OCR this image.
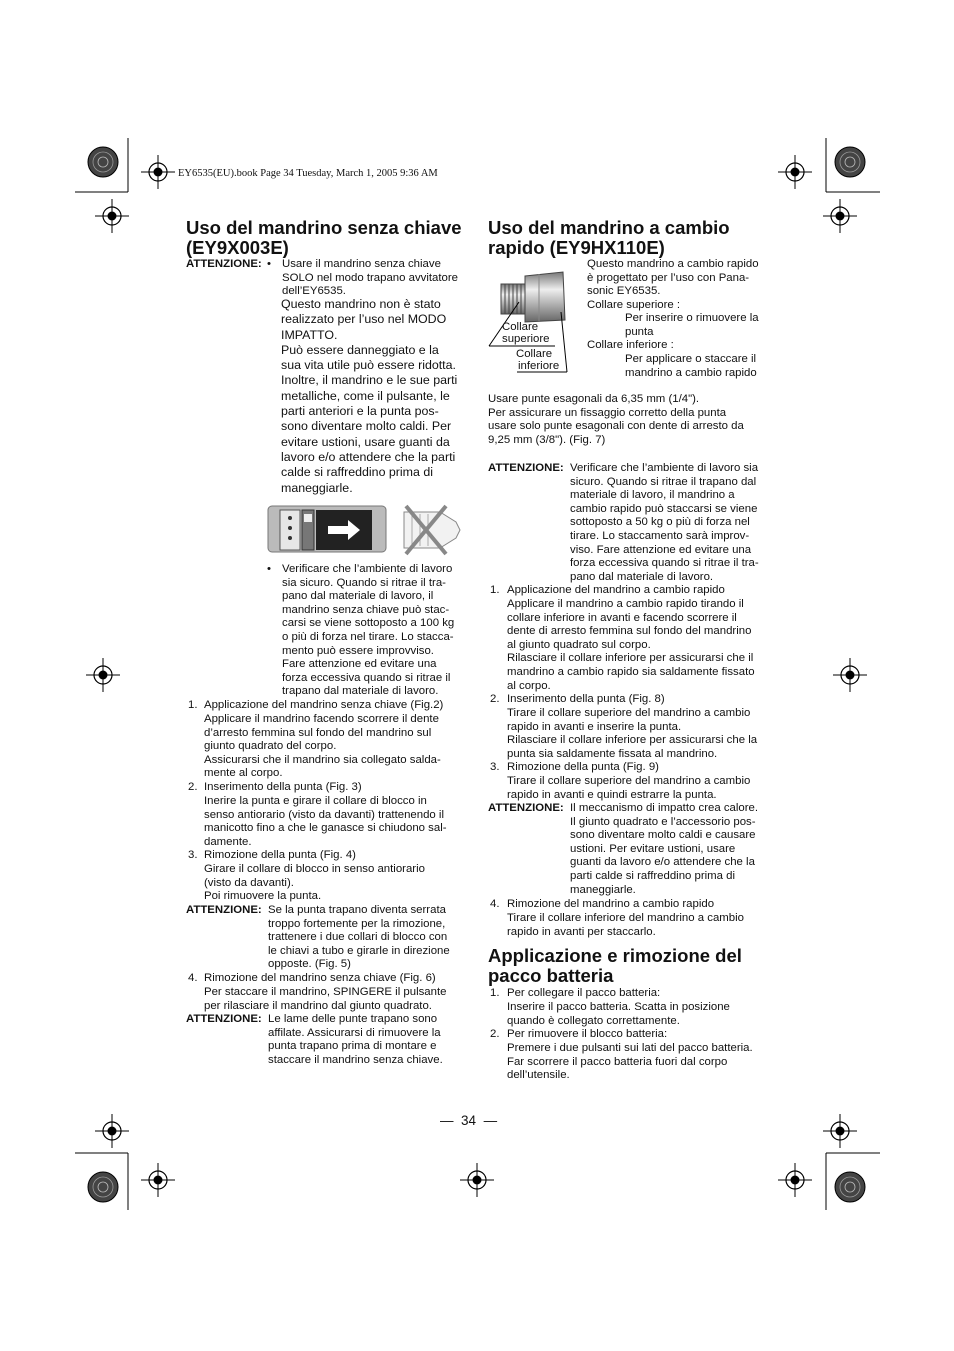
EY6535(EU).book Page 34 Tuesday, March 1, 2005 9:36 AM
Uso del mandrino senza chiave
(EY9X003E)
ATTENZIONE: • Usare il mandrino senza chiave
SOLO nel modo trapano avvitatore
dell’EY6535.
Questo mandrino non è stato
realizzato per l’uso nel MODO
IMPATTO.
Può essere danneggiato e la
sua vita utile può essere ridotta.
Inoltre, il mandrino e le sue parti
metalliche, come il pulsante, le
parti anteriori e la punta pos-
sono diventare molto caldi. Per
evitare ustioni, usare guanti da
lavoro e/o attendere che la parti
calde si raffreddino prima di
maneggiarle.
• Verificare che l’ambiente di lavoro
sia sicuro. Quando si ritrae il tra-
pano dal materiale di lavoro, il
mandrino senza chiave può stac-
carsi se viene sottoposto a 100 kg
o più di forza nel tirare. Lo stacca-
mento può essere improvviso.
Fare attenzione ed evitare una
forza eccessiva quando si ritrae il
trapano dal materiale di lavoro.
1. Applicazione del mandrino senza chiave (Fig.2)
Applicare il mandrino facendo scorrere il dente
d’arresto femmina sul fondo del mandrino sul
giunto quadrato del corpo.
Assicurarsi che il mandrino sia collegato salda-
mente al corpo.
2. Inserimento della punta (Fig. 3)
Inerire la punta e girare il collare di blocco in
senso antiorario (visto da davanti) trattenendo il
manicotto fino a che le ganasce si chiudono sal-
damente.
3. Rimozione della punta (Fig. 4)
Girare il collare di blocco in senso antiorario
(visto da davanti).
Poi rimuovere la punta.
ATTENZIONE: Se la punta trapano diventa serrata
troppo fortemente per la rimozione,
trattenere i due collari di blocco con
le chiavi a tubo e girarle in direzione
opposte. (Fig. 5)
4. Rimozione del mandrino senza chiave (Fig. 6)
Per staccare il mandrino, SPINGERE il pulsante
per rilasciare il mandrino dal giunto quadrato.
ATTENZIONE: Le lame delle punte trapano sono
affilate. Assicurarsi di rimuovere la
punta trapano prima di montare e
staccare il mandrino senza chiave.
Uso del mandrino a cambio
rapido (EY9HX110E)
Collare
superiore
Collare
inferiore
Questo mandrino a cambio rapido
è progettato per l’uso con Pana-
sonic EY6535.
Collare superiore :
Per inserire o rimuovere la
punta
Collare inferiore :
Per applicare o staccare il
mandrino a cambio rapido
Usare punte esagonali da 6,35 mm (1/4").
Per assicurare un fissaggio corretto della punta
usare solo punte esagonali con dente di arresto da
9,25 mm (3/8"). (Fig. 7)
ATTENZIONE: Verificare che l’ambiente di lavoro sia
sicuro. Quando si ritrae il trapano dal
materiale di lavoro, il mandrino a
cambio rapido può staccarsi se viene
sottoposto a 50 kg o più di forza nel
tirare. Lo staccamento sarà improv-
viso. Fare attenzione ed evitare una
forza eccessiva quando si ritrae il tra-
pano dal materiale di lavoro.
1. Applicazione del mandrino a cambio rapido
Applicare il mandrino a cambio rapido tirando il
collare inferiore in avanti e facendo scorrere il
dente di arresto femmina sul fondo del mandrino
al giunto quadrato sul corpo.
Rilasciare il collare inferiore per assicurarsi che il
mandrino a cambio rapido sia saldamente fissato
al corpo.
2. Inserimento della punta (Fig. 8)
Tirare il collare superiore del mandrino a cambio
rapido in avanti e inserire la punta.
Rilasciare il collare inferiore per assicurarsi che la
punta sia saldamente fissata al mandrino.
3. Rimozione della punta (Fig. 9)
Tirare il collare superiore del mandrino a cambio
rapido in avanti e quindi estrarre la punta.
ATTENZIONE: Il meccanismo di impatto crea calore.
Il giunto quadrato e l’accessorio pos-
sono diventare molto caldi e causare
ustioni. Per evitare ustioni, usare
guanti da lavoro e/o attendere che la
parti calde si raffreddino prima di
maneggiarle.
4. Rimozione del mandrino a cambio rapido
Tirare il collare inferiore del mandrino a cambio
rapido in avanti per staccarlo.
Applicazione e rimozione del
pacco batteria
1. Per collegare il pacco batteria:
Inserire il pacco batteria. Scatta in posizione
quando è collegato correttamente.
2. Per rimuovere il blocco batteria:
Premere i due pulsanti sui lati del pacco batteria.
Far scorrere il pacco batteria fuori dal corpo
dell’utensile.
— 34 —
